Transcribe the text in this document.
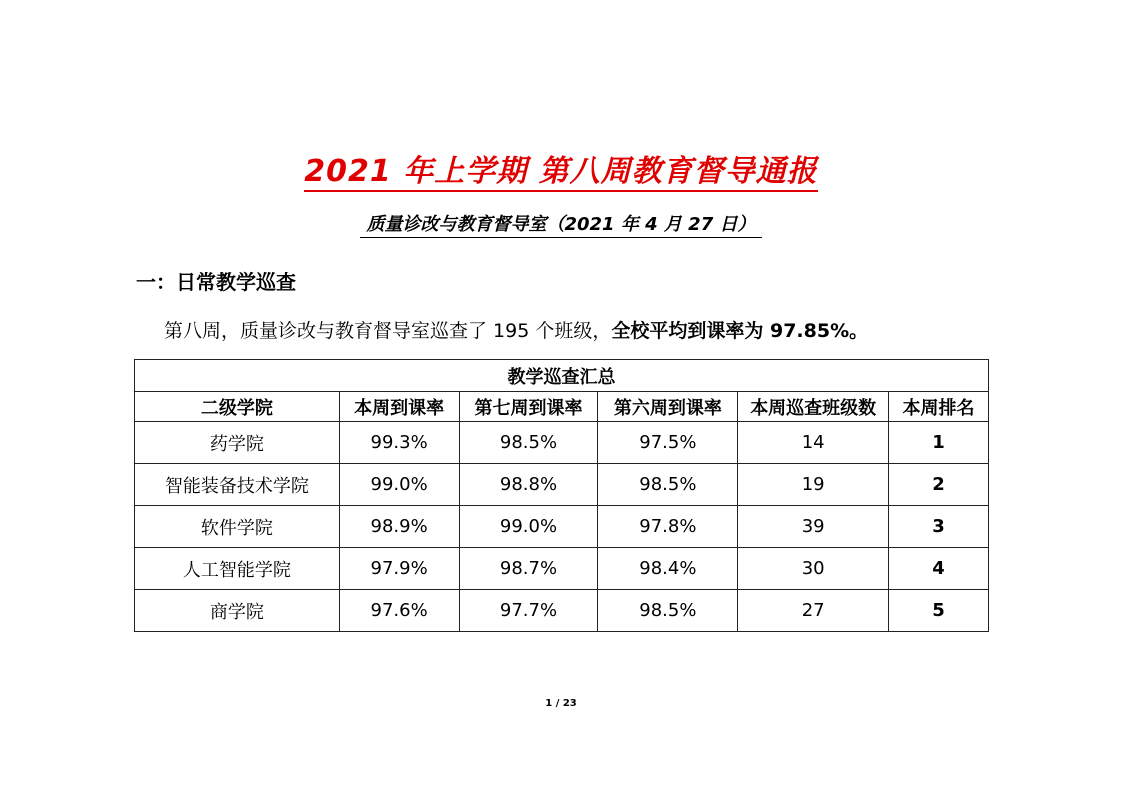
2021 年上学期 第八周教育督导通报
质量诊改与教育督导室（2021 年 4 月 27 日）
一：日常教学巡查
第八周，质量诊改与教育督导室巡查了 195 个班级，全校平均到课率为 97.85%。
教学巡查汇总					
二级学院	本周到课率	第七周到课率	第六周到课率	本周巡查班级数	本周排名
药学院	99.3%	98.5%	97.5%	14	1
智能装备技术学院	99.0%	98.8%	98.5%	19	2
软件学院	98.9%	99.0%	97.8%	39	3
人工智能学院	97.9%	98.7%	98.4%	30	4
商学院	97.6%	97.7%	98.5%	27	5
1 / 23
